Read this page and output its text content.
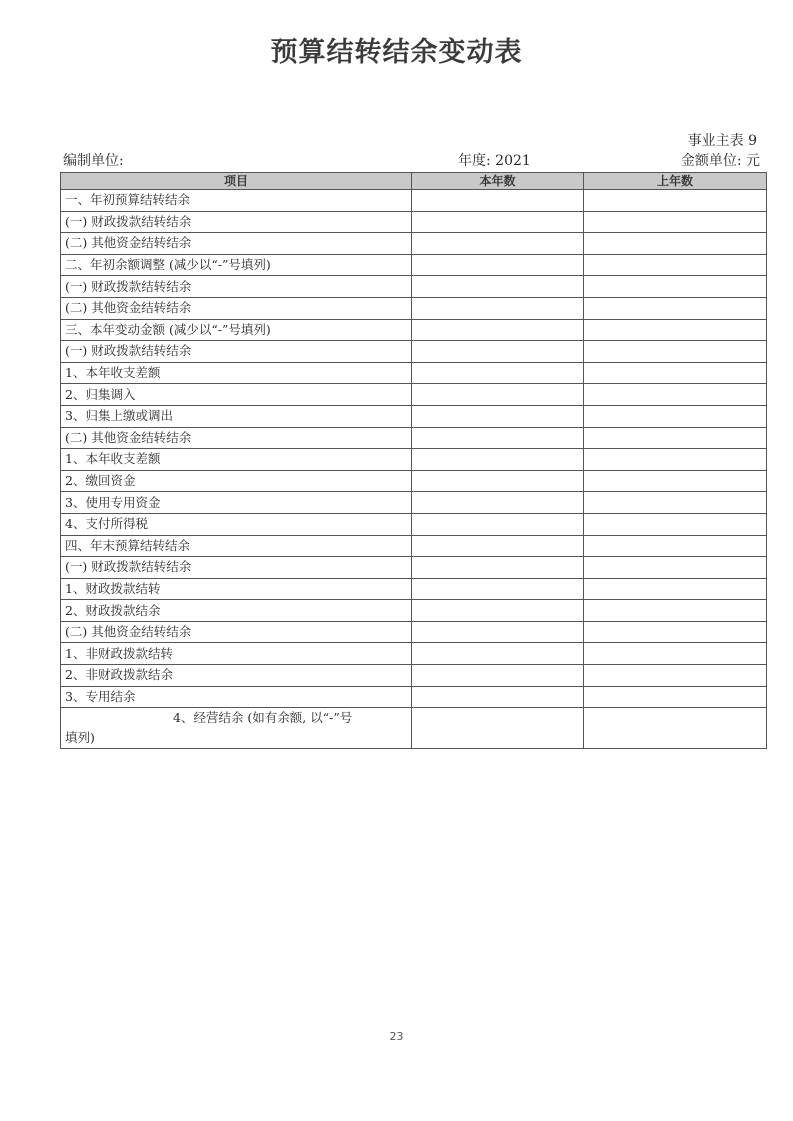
预算结转结余变动表
事业主表 9
编制单位:	年度: 2021	金额单位: 元
项目	本年数	上年数
一、年初预算结转结余		
(一) 财政拨款结转结余		
(二) 其他资金结转结余		
二、年初余额调整 (减少以“-”号填列)		
(一) 财政拨款结转结余		
(二) 其他资金结转结余		
三、本年变动金额 (减少以“-”号填列)		
(一) 财政拨款结转结余		
1、本年收支差额		
2、归集调入		
3、归集上缴或调出		
(二) 其他资金结转结余		
1、本年收支差额		
2、缴回资金		
3、使用专用资金		
4、支付所得税		
四、年末预算结转结余		
(一) 财政拨款结转结余		
1、财政拨款结转		
2、财政拨款结余		
(二) 其他资金结转结余		
1、非财政拨款结转		
2、非财政拨款结余		
3、专用结余		

4、经营结余 (如有余额, 以“-”号
填列)		

23
